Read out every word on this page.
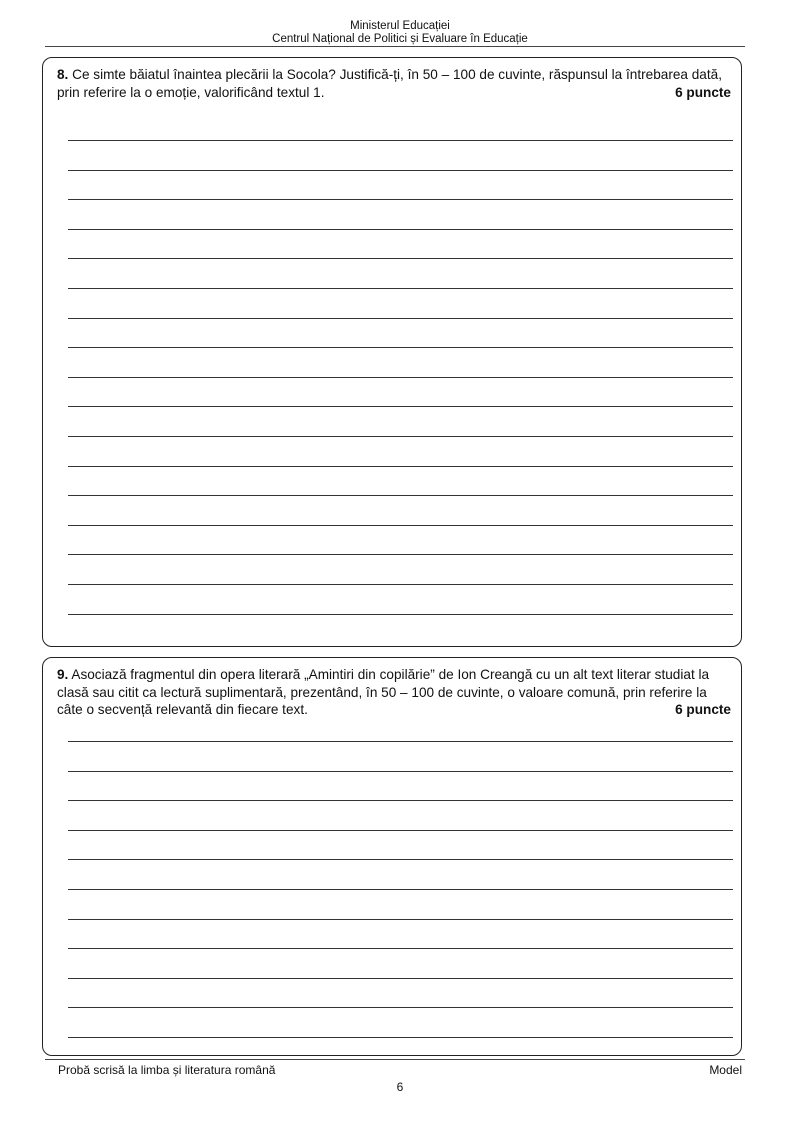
Ministerul Educației
Centrul Național de Politici și Evaluare în Educație
8. Ce simte băiatul înaintea plecării la Socola? Justifică-ți, în 50 – 100 de cuvinte, răspunsul la întrebarea dată, prin referire la o emoție, valorificând textul 1.	6 puncte
9. Asociază fragmentul din opera literară „Amintiri din copilărie” de Ion Creangă cu un alt text literar studiat la clasă sau citit ca lectură suplimentară, prezentând, în 50 – 100 de cuvinte, o valoare comună, prin referire la câte o secvență relevantă din fiecare text.	6 puncte
Probă scrisă la limba și literatura română	Model
6
